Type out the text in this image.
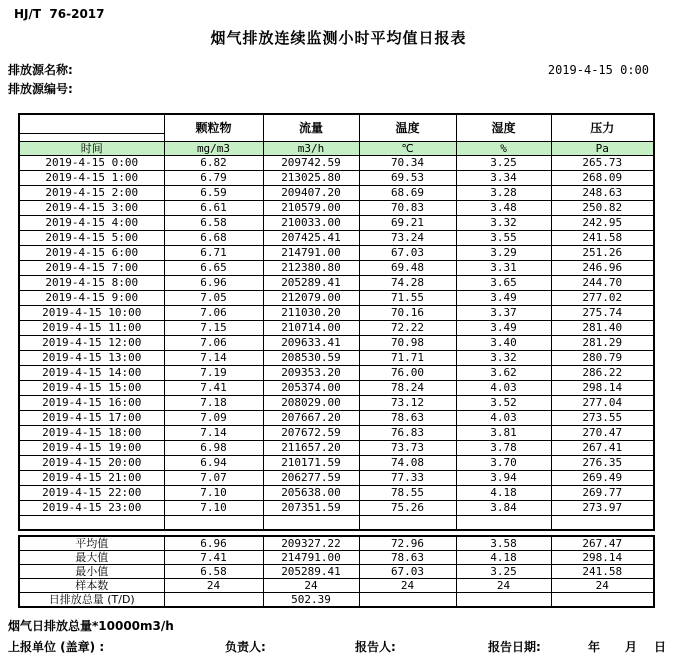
HJ/T  76-2017
烟气排放连续监测小时平均值日报表
排放源名称:
排放源编号:
2019-4-15 0:00
	颗粒物	流量	温度	湿度	压力
时间	mg/m3	m3/h	℃	%	Pa
2019-4-15 0:00	6.82	209742.59	70.34	3.25	265.73
2019-4-15 1:00	6.79	213025.80	69.53	3.34	268.09
2019-4-15 2:00	6.59	209407.20	68.69	3.28	248.63
2019-4-15 3:00	6.61	210579.00	70.83	3.48	250.82
2019-4-15 4:00	6.58	210033.00	69.21	3.32	242.95
2019-4-15 5:00	6.68	207425.41	73.24	3.55	241.58
2019-4-15 6:00	6.71	214791.00	67.03	3.29	251.26
2019-4-15 7:00	6.65	212380.80	69.48	3.31	246.96
2019-4-15 8:00	6.96	205289.41	74.28	3.65	244.70
2019-4-15 9:00	7.05	212079.00	71.55	3.49	277.02
2019-4-15 10:00	7.06	211030.20	70.16	3.37	275.74
2019-4-15 11:00	7.15	210714.00	72.22	3.49	281.40
2019-4-15 12:00	7.06	209633.41	70.98	3.40	281.29
2019-4-15 13:00	7.14	208530.59	71.71	3.32	280.79
2019-4-15 14:00	7.19	209353.20	76.00	3.62	286.22
2019-4-15 15:00	7.41	205374.00	78.24	4.03	298.14
2019-4-15 16:00	7.18	208029.00	73.12	3.52	277.04
2019-4-15 17:00	7.09	207667.20	78.63	4.03	273.55
2019-4-15 18:00	7.14	207672.59	76.83	3.81	270.47
2019-4-15 19:00	6.98	211657.20	73.73	3.78	267.41
2019-4-15 20:00	6.94	210171.59	74.08	3.70	276.35
2019-4-15 21:00	7.07	206277.59	77.33	3.94	269.49
2019-4-15 22:00	7.10	205638.00	78.55	4.18	269.77
2019-4-15 23:00	7.10	207351.59	75.26	3.84	273.97

平均值	6.96	209327.22	72.96	3.58	267.47
最大值	7.41	214791.00	78.63	4.18	298.14
最小值	6.58	205289.41	67.03	3.25	241.58
样本数	24	24	24	24	24
日排放总量 (T/D)		502.39			
烟气日排放总量*10000m3/h
上报单位 (盖章) :	负责人:	报告人:	报告日期:	年 月 日
